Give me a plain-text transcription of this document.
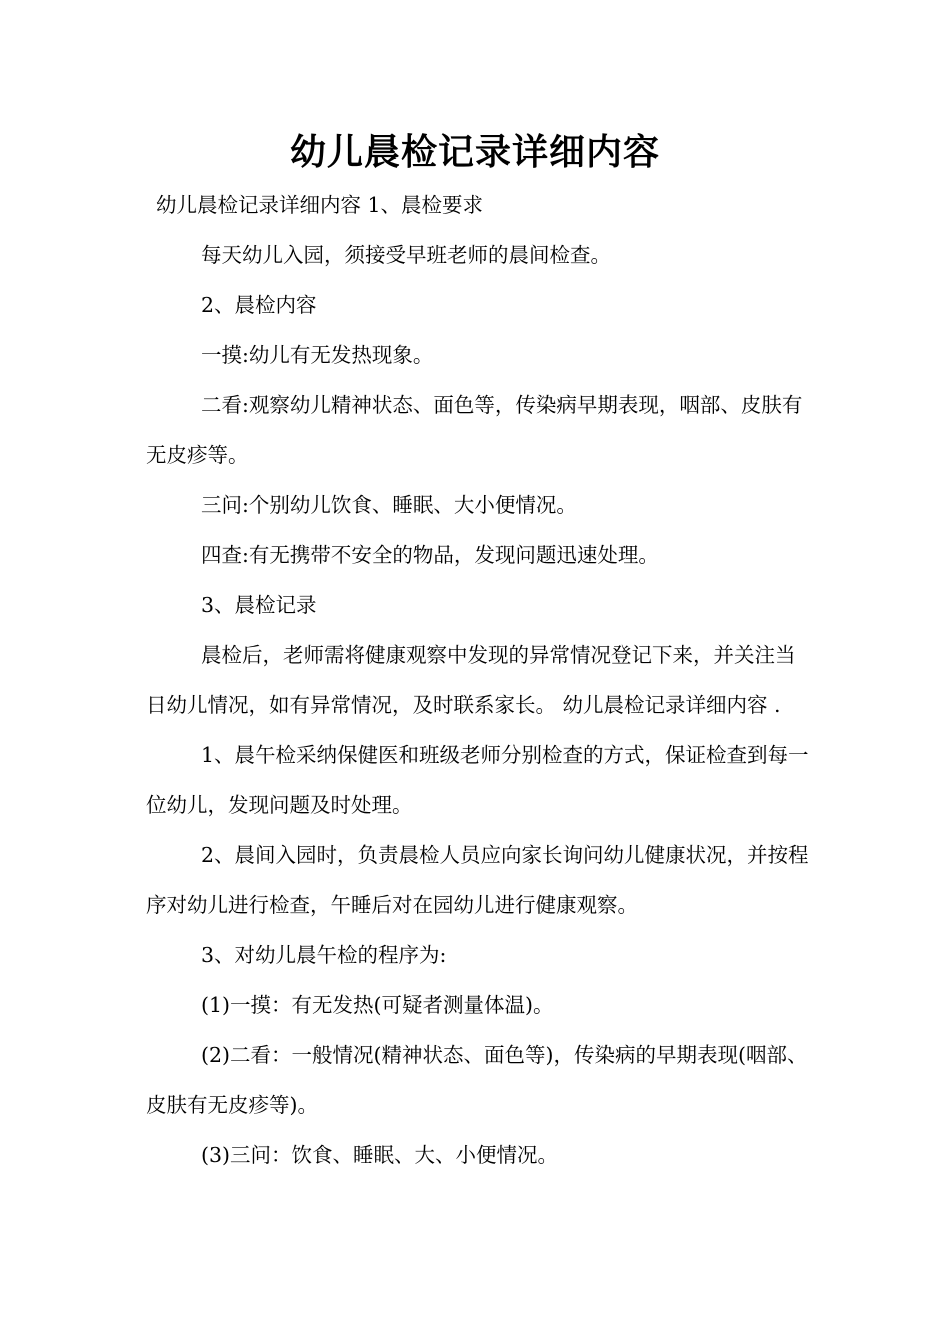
幼儿晨检记录详细内容

幼儿晨检记录详细内容 1、晨检要求

每天幼儿入园，须接受早班老师的晨间检查。

2、晨检内容

一摸:幼儿有无发热现象。

二看:观察幼儿精神状态、面色等，传染病早期表现，咽部、皮肤有无皮疹等。

三问:个别幼儿饮食、睡眠、大小便情况。

四查:有无携带不安全的物品，发现问题迅速处理。

3、晨检记录

晨检后，老师需将健康观察中发现的异常情况登记下来，并关注当日幼儿情况，如有异常情况，及时联系家长。 幼儿晨检记录详细内容 .

1、晨午检采纳保健医和班级老师分别检查的方式，保证检查到每一位幼儿，发现问题及时处理。

2、晨间入园时，负责晨检人员应向家长询问幼儿健康状况，并按程序对幼儿进行检查，午睡后对在园幼儿进行健康观察。

3、对幼儿晨午检的程序为:

(1)一摸：有无发热(可疑者测量体温)。

(2)二看：一般情况(精神状态、面色等)，传染病的早期表现(咽部、皮肤有无皮疹等)。

(3)三问：饮食、睡眠、大、小便情况。
